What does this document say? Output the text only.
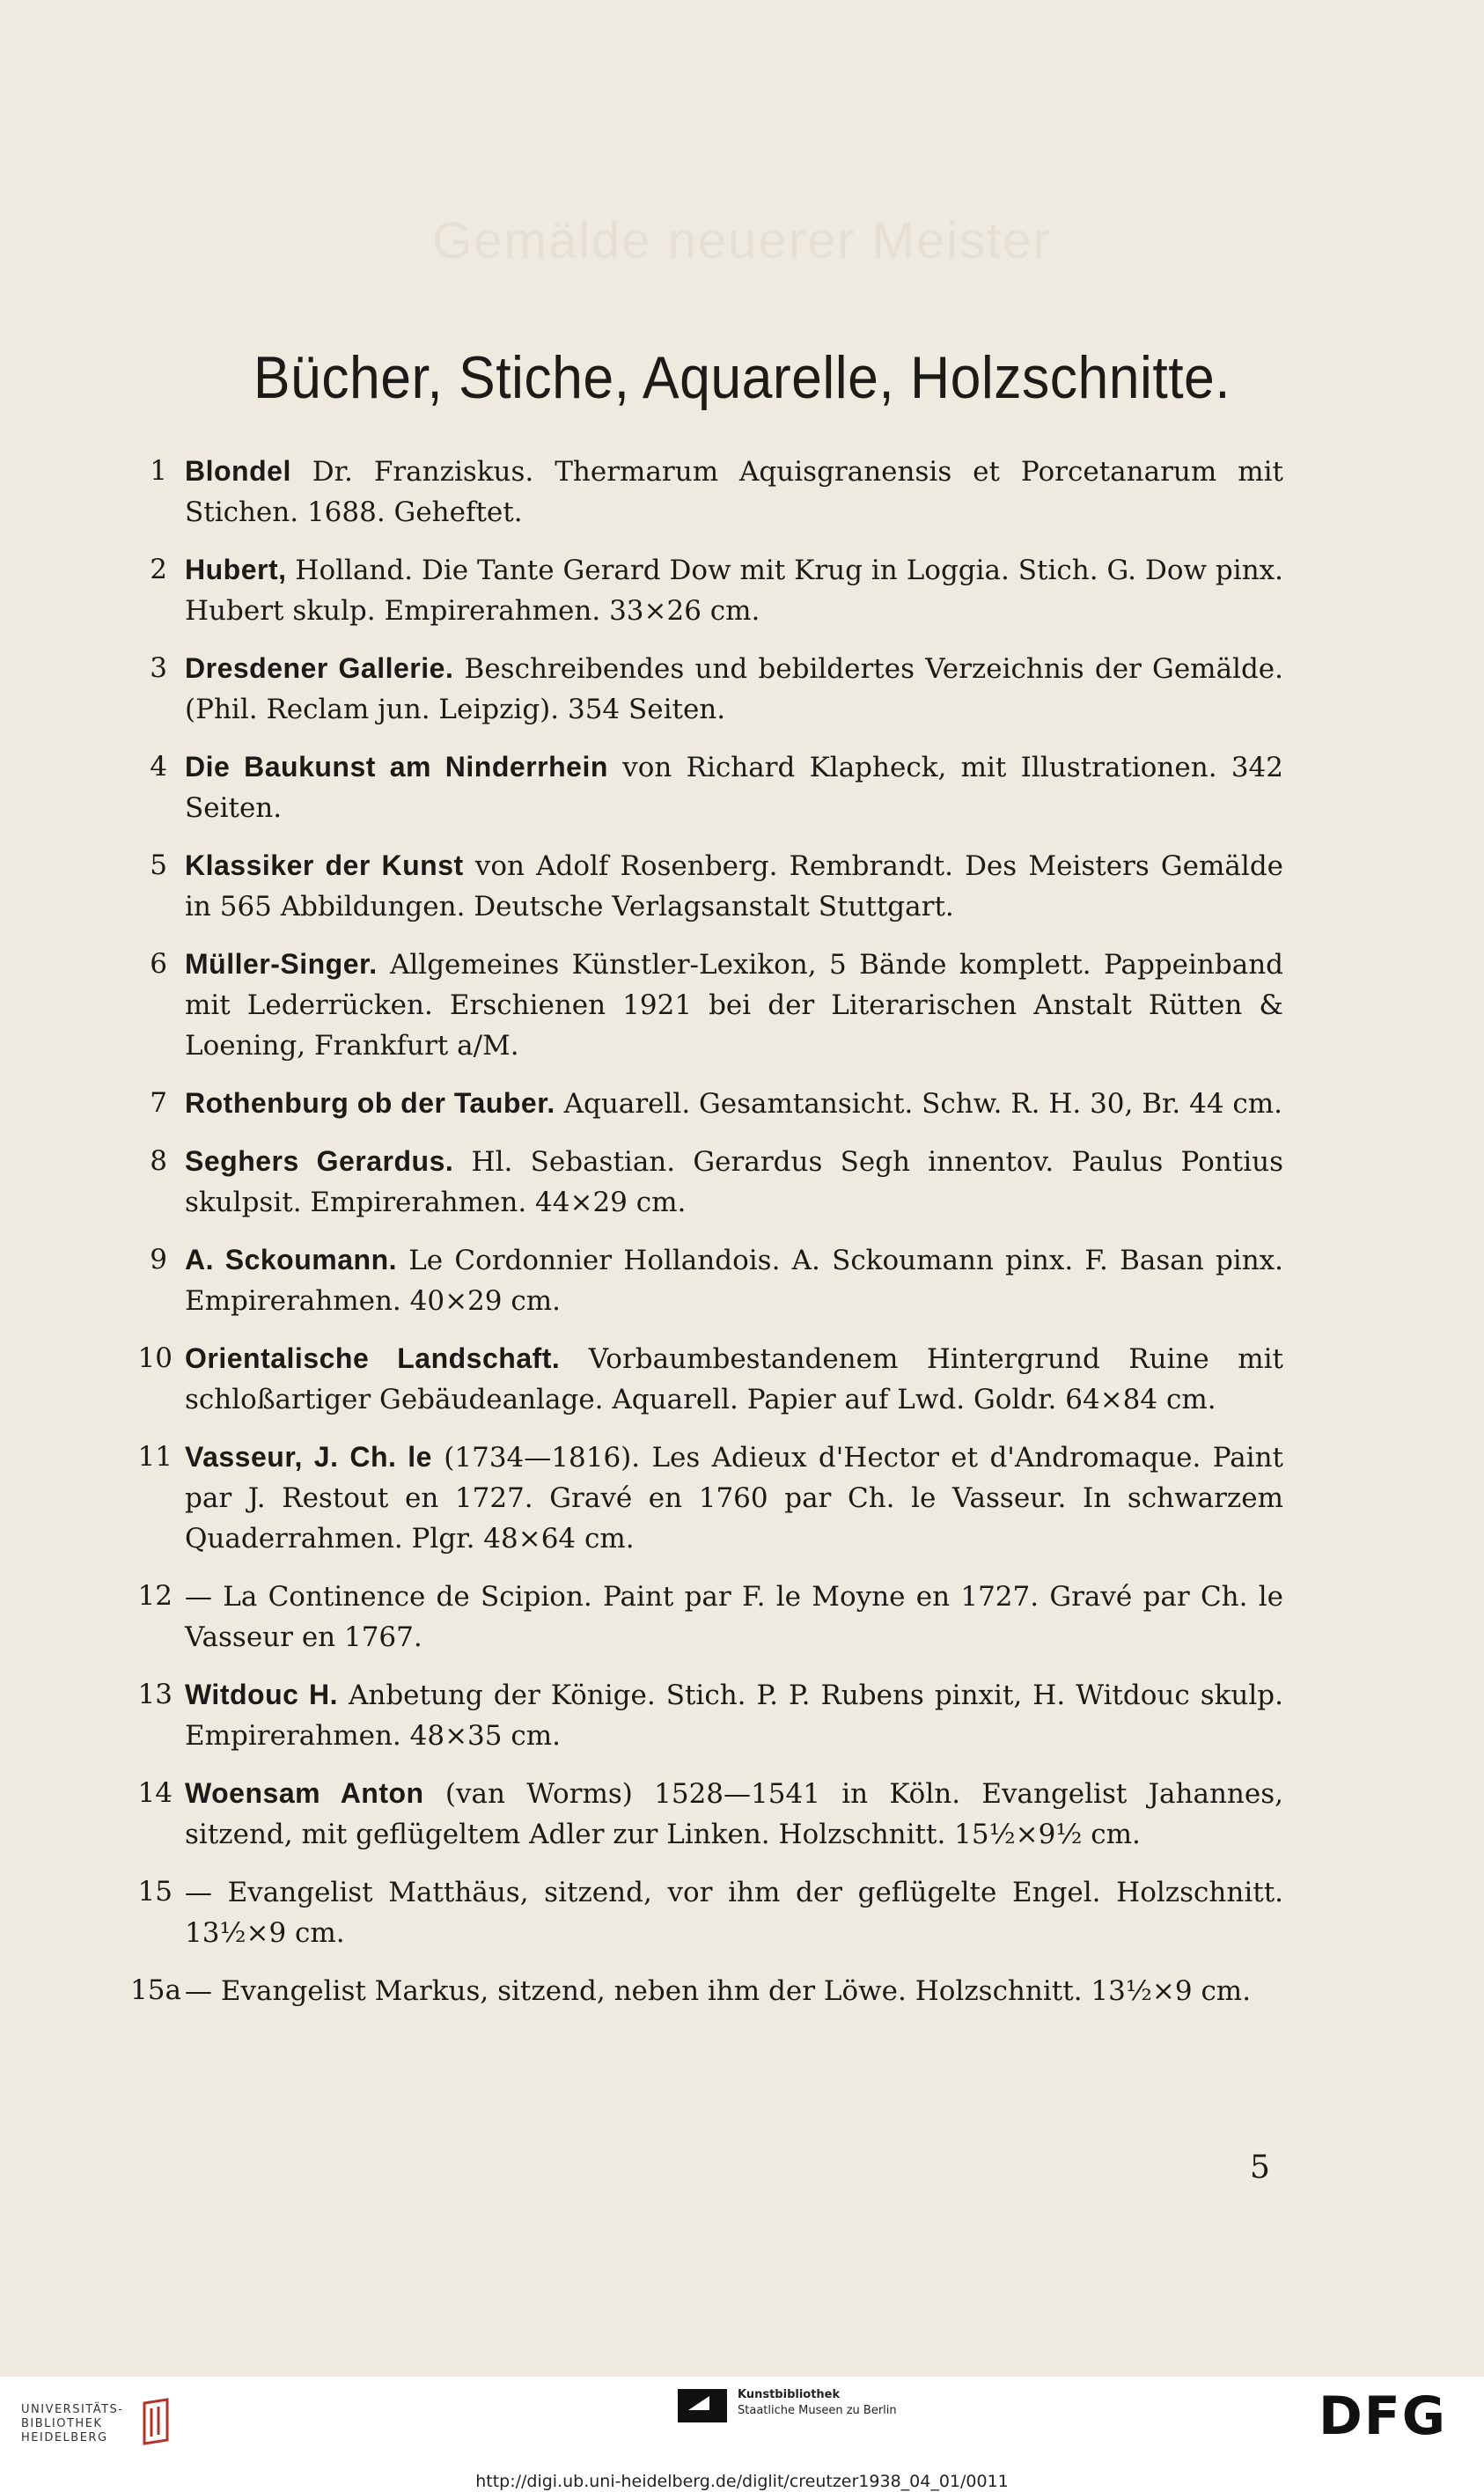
Gemälde neuerer Meister
Bücher, Stiche, Aquarelle, Holzschnitte.
1 Blondel Dr. Franziskus. Thermarum Aquisgranensis et Porcetanarum mit Stichen. 1688. Geheftet.
2 Hubert, Holland. Die Tante Gerard Dow mit Krug in Loggia. Stich. G. Dow pinx. Hubert skulp. Empirerahmen. 33×26 cm.
3 Dresdener Gallerie. Beschreibendes und bebildertes Verzeichnis der Gemälde. (Phil. Reclam jun. Leipzig). 354 Seiten.
4 Die Baukunst am Ninderrhein von Richard Klapheck, mit Illustrationen. 342 Seiten.
5 Klassiker der Kunst von Adolf Rosenberg. Rembrandt. Des Meisters Gemälde in 565 Abbildungen. Deutsche Verlagsanstalt Stuttgart.
6 Müller-Singer. Allgemeines Künstler-Lexikon, 5 Bände komplett. Pappeinband mit Lederrücken. Erschienen 1921 bei der Literarischen Anstalt Rütten & Loening, Frankfurt a/M.
7 Rothenburg ob der Tauber. Aquarell. Gesamtansicht. Schw. R. H. 30, Br. 44 cm.
8 Seghers Gerardus. Hl. Sebastian. Gerardus Segh innentov. Paulus Pontius skulpsit. Empirerahmen. 44×29 cm.
9 A. Sckoumann. Le Cordonnier Hollandois. A. Sckoumann pinx. F. Basan pinx. Empirerahmen. 40×29 cm.
10 Orientalische Landschaft. Vorbaumbestandenem Hintergrund Ruine mit schloßartiger Gebäudeanlage. Aquarell. Papier auf Lwd. Goldr. 64×84 cm.
11 Vasseur, J. Ch. le (1734—1816). Les Adieux d'Hector et d'Andromaque. Paint par J. Restout en 1727. Gravé en 1760 par Ch. le Vasseur. In schwarzem Quaderrahmen. Plgr. 48×64 cm.
12 — La Continence de Scipion. Paint par F. le Moyne en 1727. Gravé par Ch. le Vasseur en 1767.
13 Witdouc H. Anbetung der Könige. Stich. P. P. Rubens pinxit, H. Witdouc skulp. Empirerahmen. 48×35 cm.
14 Woensam Anton (van Worms) 1528—1541 in Köln. Evangelist Jahannes, sitzend, mit geflügeltem Adler zur Linken. Holzschnitt. 15½×9½ cm.
15 — Evangelist Matthäus, sitzend, vor ihm der geflügelte Engel. Holzschnitt. 13½×9 cm.
15a — Evangelist Markus, sitzend, neben ihm der Löwe. Holzschnitt. 13½×9 cm.
5
UNIVERSITÄTS-
BIBLIOTHEK
HEIDELBERG
Kunstbibliothek
Staatliche Museen zu Berlin	DFG
http://digi.ub.uni-heidelberg.de/diglit/creutzer1938_04_01/0011
